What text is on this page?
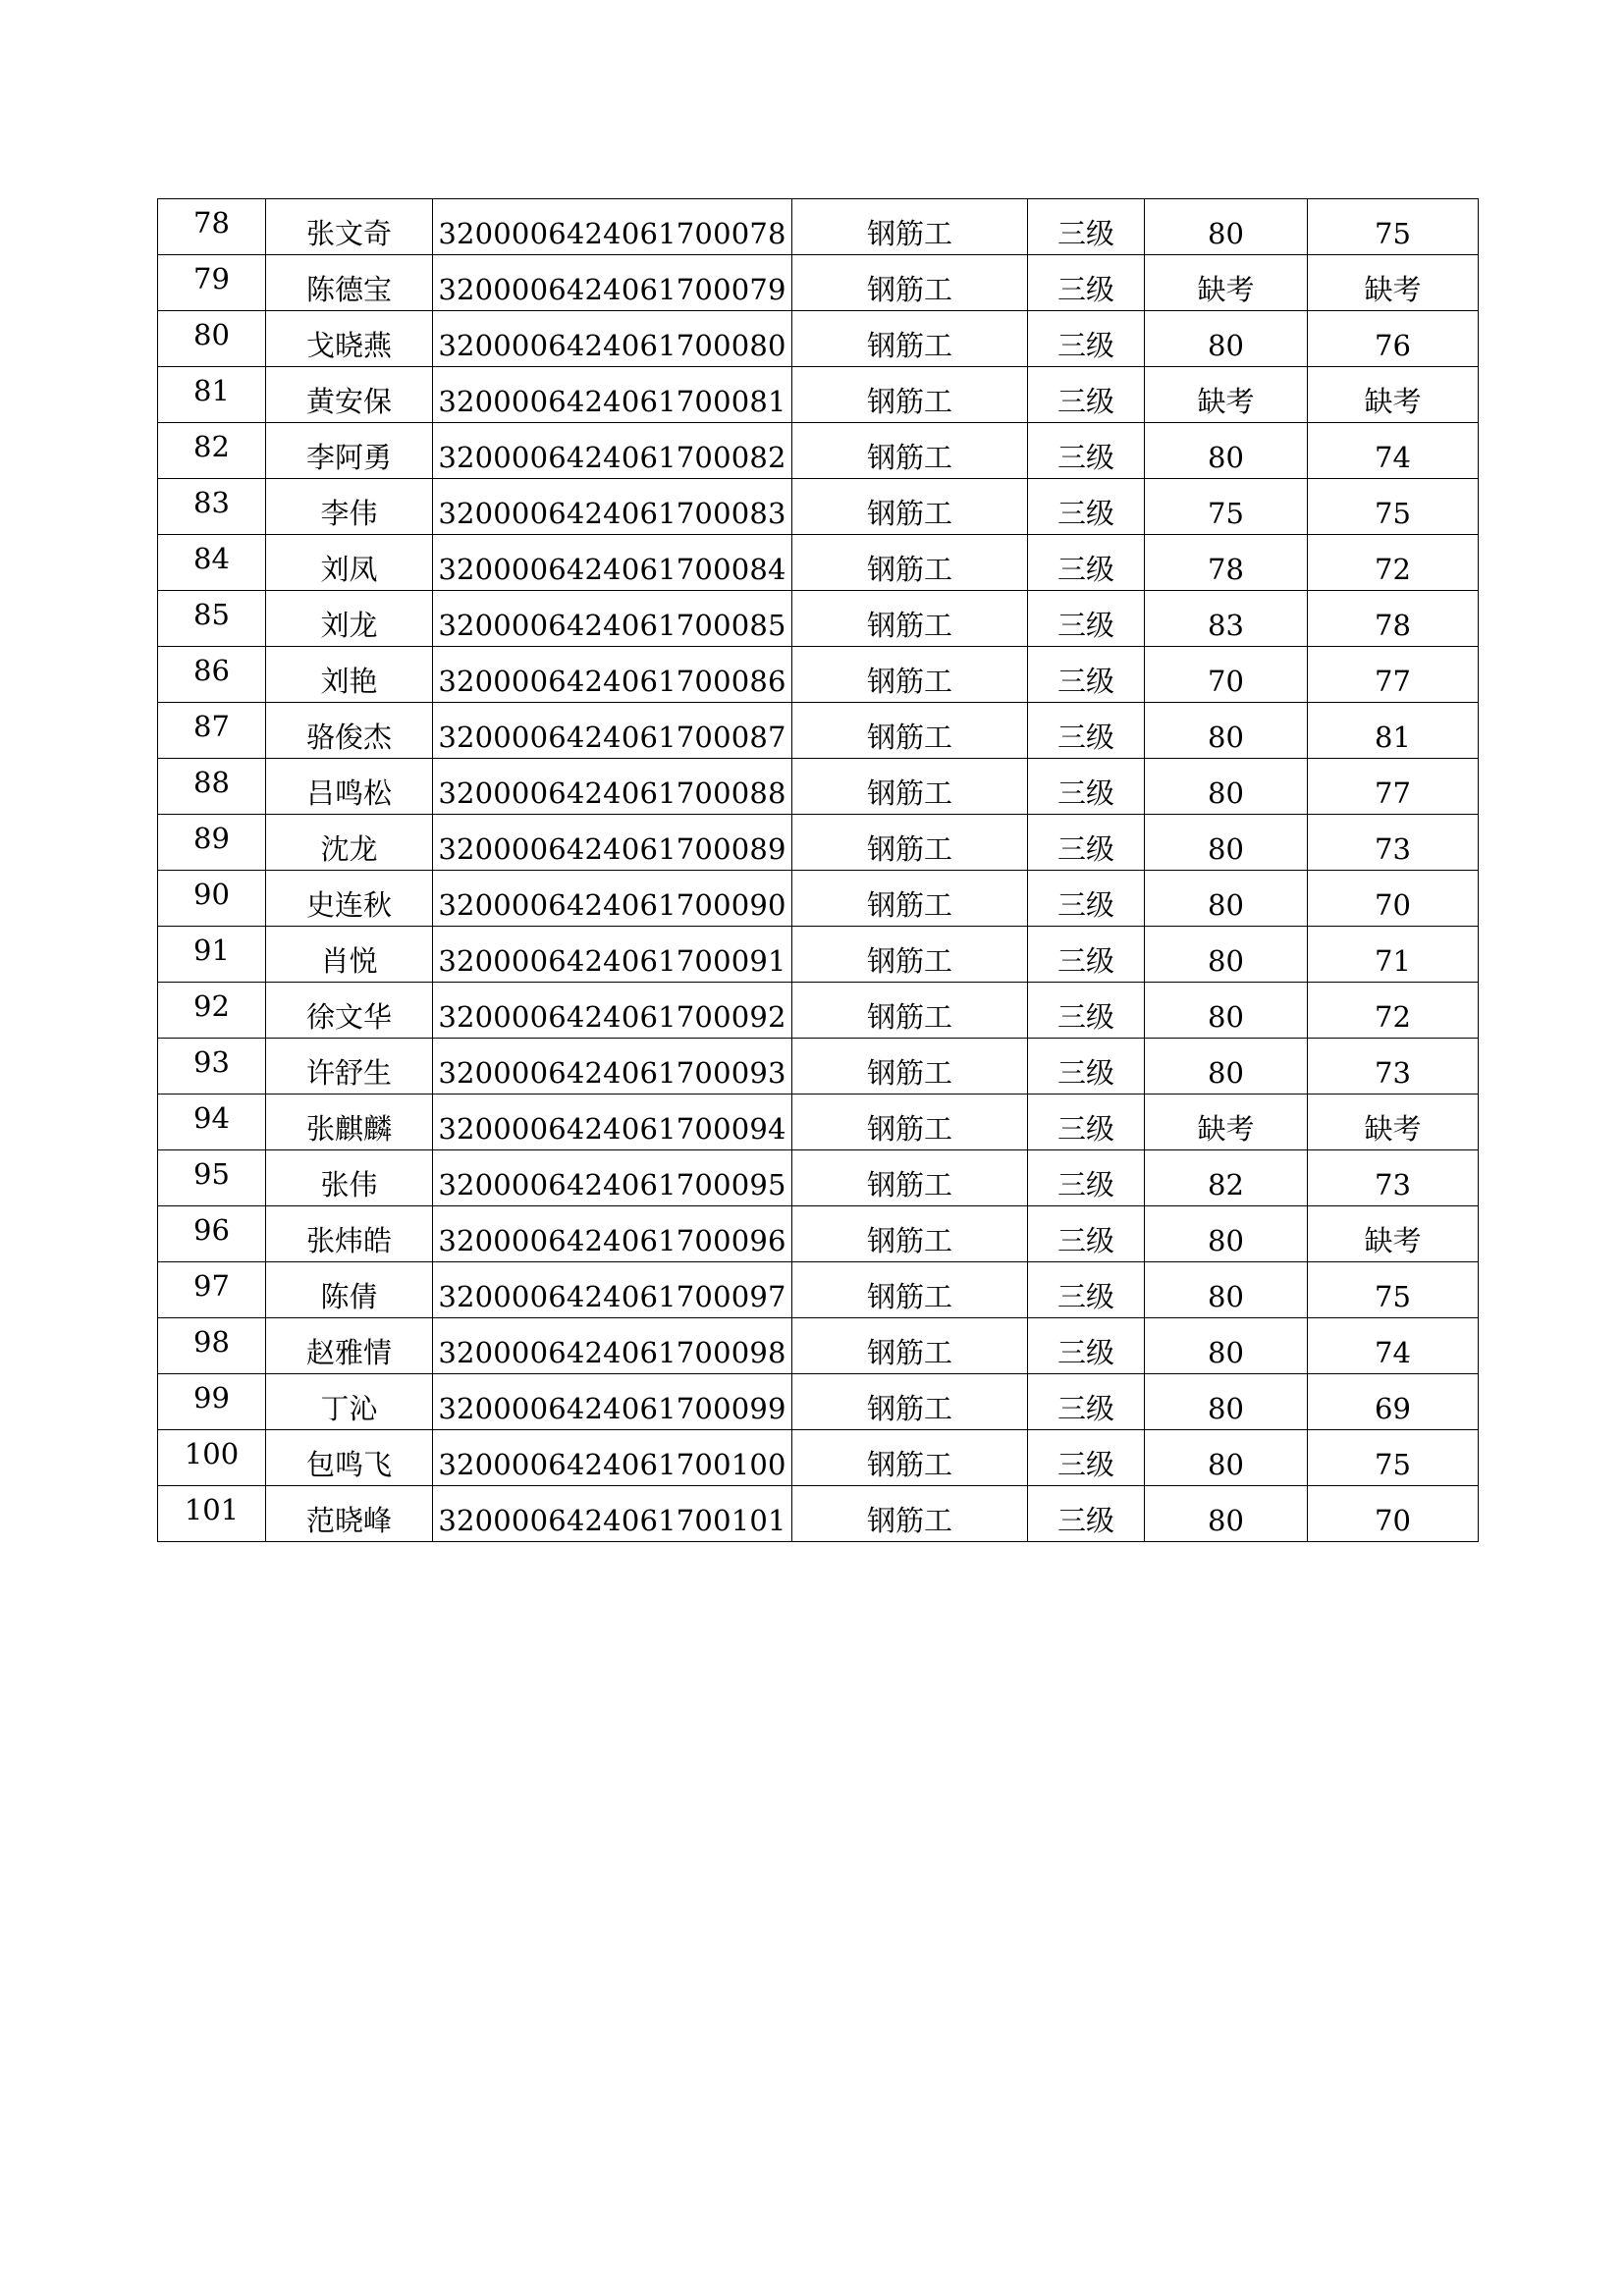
78	张文奇	3200006424061700078	钢筋工	三级	80	75
79	陈德宝	3200006424061700079	钢筋工	三级	缺考	缺考
80	戈晓燕	3200006424061700080	钢筋工	三级	80	76
81	黄安保	3200006424061700081	钢筋工	三级	缺考	缺考
82	李阿勇	3200006424061700082	钢筋工	三级	80	74
83	李伟	3200006424061700083	钢筋工	三级	75	75
84	刘凤	3200006424061700084	钢筋工	三级	78	72
85	刘龙	3200006424061700085	钢筋工	三级	83	78
86	刘艳	3200006424061700086	钢筋工	三级	70	77
87	骆俊杰	3200006424061700087	钢筋工	三级	80	81
88	吕鸣松	3200006424061700088	钢筋工	三级	80	77
89	沈龙	3200006424061700089	钢筋工	三级	80	73
90	史连秋	3200006424061700090	钢筋工	三级	80	70
91	肖悦	3200006424061700091	钢筋工	三级	80	71
92	徐文华	3200006424061700092	钢筋工	三级	80	72
93	许舒生	3200006424061700093	钢筋工	三级	80	73
94	张麒麟	3200006424061700094	钢筋工	三级	缺考	缺考
95	张伟	3200006424061700095	钢筋工	三级	82	73
96	张炜皓	3200006424061700096	钢筋工	三级	80	缺考
97	陈倩	3200006424061700097	钢筋工	三级	80	75
98	赵雅情	3200006424061700098	钢筋工	三级	80	74
99	丁沁	3200006424061700099	钢筋工	三级	80	69
100	包鸣飞	3200006424061700100	钢筋工	三级	80	75
101	范晓峰	3200006424061700101	钢筋工	三级	80	70
